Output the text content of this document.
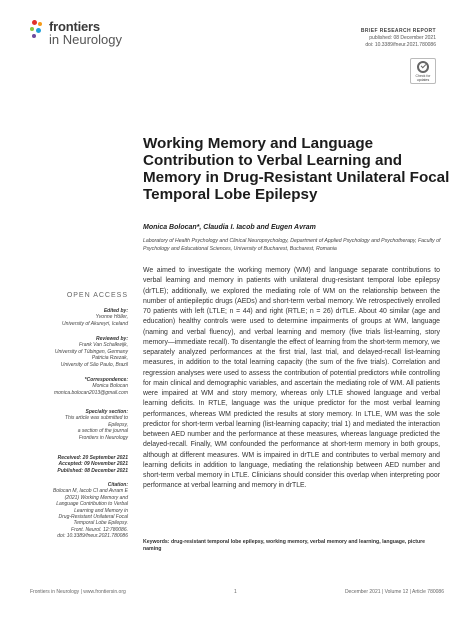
frontiers
in Neurology
BRIEF RESEARCH REPORT
published: 08 December 2021
doi: 10.3389/fneur.2021.780086
Check for updates
Working Memory and Language Contribution to Verbal Learning and Memory in Drug-Resistant Unilateral Focal Temporal Lobe Epilepsy
Monica Bolocan*, Claudia I. Iacob and Eugen Avram
Laboratory of Health Psychology and Clinical Neuropsychology, Department of Applied Psychology and Psychotherapy, Faculty of Psychology and Educational Sciences, University of Bucharest, Bucharest, Romania
We aimed to investigate the working memory (WM) and language separate contributions to verbal learning and memory in patients with unilateral drug-resistant temporal lobe epilepsy (drTLE); additionally, we explored the mediating role of WM on the relationship between the number of antiepileptic drugs (AEDs) and short-term verbal memory. We retrospectively enrolled 70 patients with left (LTLE; n = 44) and right (RTLE; n = 26) drTLE. About 40 similar (age and education) healthy controls were used to determine impairments of groups at WM, language (naming and verbal fluency), and verbal learning and memory (five trials list-learning, story memory—immediate recall). To disentangle the effect of learning from the short-term memory, we separately analyzed performances at the first trial, last trial, and delayed-recall list-learning measures, in addition to the total learning capacity (the sum of the five trials). Correlation and regression analyses were used to assess the contribution of potential predictors while controlling for main clinical and demographic variables, and ascertain the mediating role of WM. All patients were impaired at WM and story memory, whereas only LTLE showed language and verbal learning deficits. In RTLE, language was the unique predictor for the most verbal learning performances, whereas WM predicted the results at story memory. In LTLE, WM was the sole predictor for short-term verbal learning (list-learning capacity; trial 1) and mediated the interaction between AED number and the performance at these measures, whereas language predicted the delayed-recall. Finally, WM confounded the performance at short-term memory in both groups, although at different measures. WM is impaired in drTLE and contributes to verbal memory and learning deficits in addition to language, mediating the relationship between AED number and short-term verbal memory in LTLE. Clinicians should consider this overlap when interpreting poor performance at verbal learning and memory in drTLE.
Keywords: drug-resistant temporal lobe epilepsy, working memory, verbal memory and learning, language, picture naming
OPEN ACCESS
Edited by:
Yvonne Höller,
University of Akureyri, Iceland
Reviewed by:
Frank Van Schalkwijk,
University of Tübingen, Germany
Patricia Rzezak,
University of São Paulo, Brazil
*Correspondence:
Monica Bolocan
monica.bolocan2013@gmail.com
Specialty section:
This article was submitted to
Epilepsy,
a section of the journal
Frontiers in Neurology
Received: 20 September 2021
Accepted: 09 November 2021
Published: 08 December 2021
Citation:
Bolocan M, Iacob CI and Avram E
(2021) Working Memory and
Language Contribution to Verbal
Learning and Memory in
Drug-Resistant Unilateral Focal
Temporal Lobe Epilepsy.
Front. Neurol. 12:780086.
doi: 10.3389/fneur.2021.780086
Frontiers in Neurology | www.frontiersin.org	1	December 2021 | Volume 12 | Article 780086
